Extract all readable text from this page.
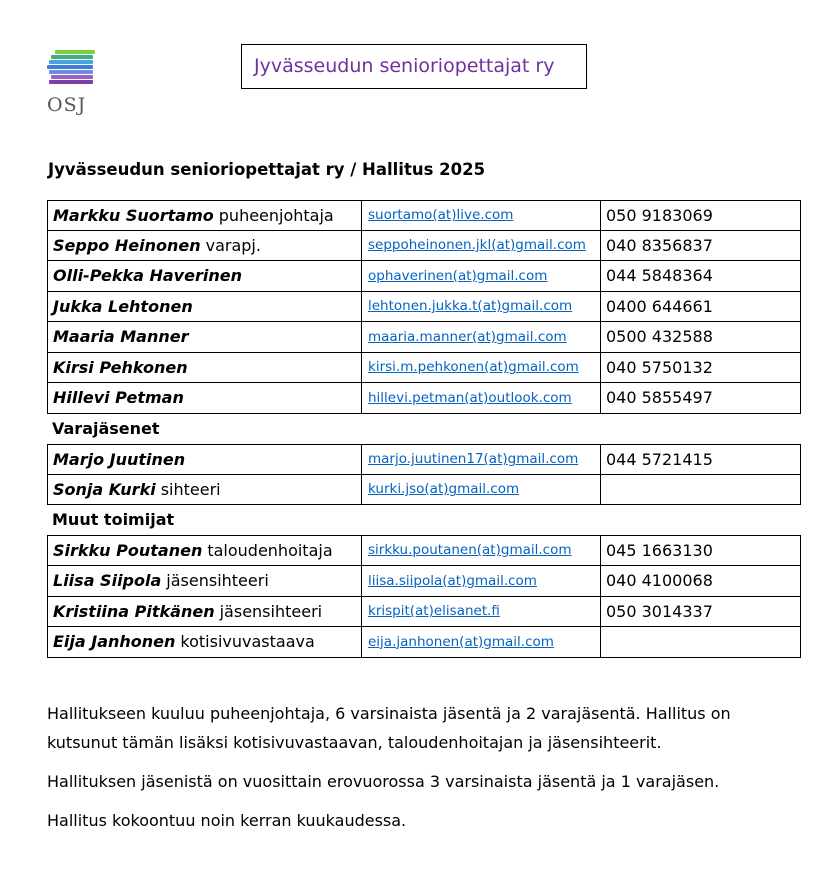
OSJ
Jyvässeudun senioriopettajat ry
Jyvässeudun senioriopettajat ry / Hallitus 2025
Markku Suortamo puheenjohtaja	suortamo(at)live.com	050 9183069
Seppo Heinonen varapj.	seppoheinonen.jkl(at)gmail.com 040 8356837
Olli-Pekka Haverinen	ophaverinen(at)gmail.com	044 5848364
Jukka Lehtonen	lehtonen.jukka.t(at)gmail.com 0400 644661
Maaria Manner	maaria.manner(at)gmail.com 0500 432588
Kirsi Pehkonen	kirsi.m.pehkonen(at)gmail.com 040 5750132
Hillevi Petman	hillevi.petman(at)outlook.com 040 5855497
Varajäsenet
Marjo Juutinen	marjo.juutinen17(at)gmail.com 044 5721415
Sonja Kurki sihteeri	kurki.jso(at)gmail.com
Muut toimijat
Sirkku Poutanen taloudenhoitaja	sirkku.poutanen(at)gmail.com 045 1663130
Liisa Siipola jäsensihteeri	liisa.siipola(at)gmail.com	040 4100068
Kristiina Pitkänen jäsensihteeri	krispit(at)elisanet.fi	050 3014337
Eija Janhonen kotisivuvastaava	eija.janhonen(at)gmail.com

Hallitukseen kuuluu puheenjohtaja, 6 varsinaista jäsentä ja 2 varajäsentä. Hallitus on kutsunut tämän lisäksi kotisivuvastaavan, taloudenhoitajan ja jäsensihteerit.

Hallituksen jäsenistä on vuosittain erovuorossa 3 varsinaista jäsentä ja 1 varajäsen.

Hallitus kokoontuu noin kerran kuukaudessa.
